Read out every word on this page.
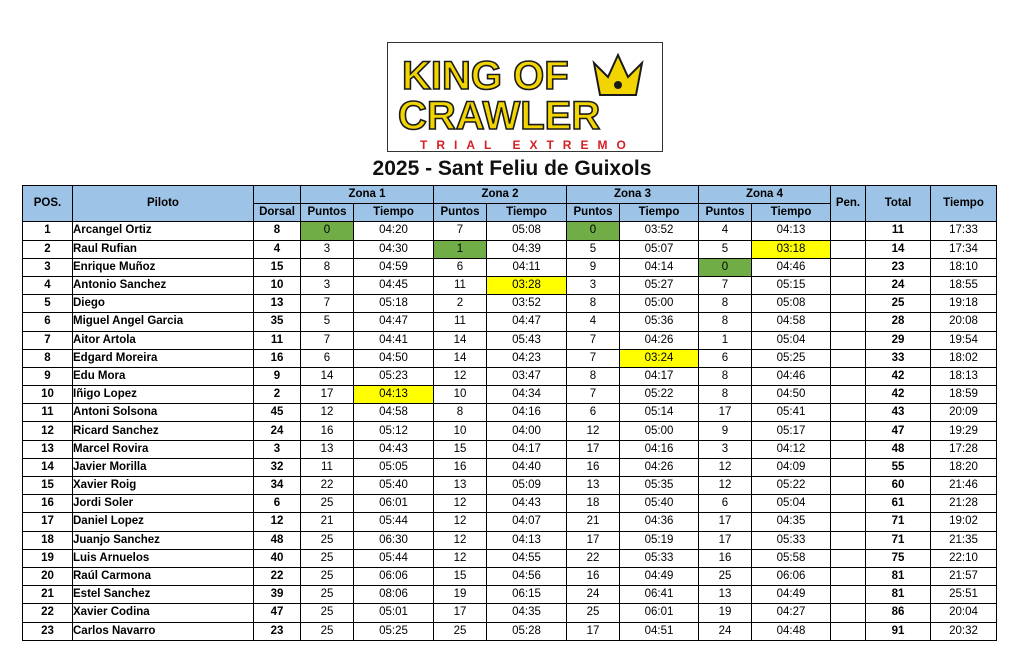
KING OF
CRAWLER
TRIAL EXTREMO
2025 - Sant Feliu de Guixols
POS.	Piloto		Zona 1		Zona 2		Zona 3		Zona 4		Pen.	Total	Tiempo
		Dorsal	Puntos	Tiempo	Puntos	Tiempo	Puntos	Tiempo	Puntos	Tiempo			
1	Arcangel Ortiz	8	0	04:20	7	05:08	0	03:52	4	04:13		11	17:33
2	Raul Rufian	4	3	04:30	1	04:39	5	05:07	5	03:18		14	17:34
3	Enrique Muñoz	15	8	04:59	6	04:11	9	04:14	0	04:46		23	18:10
4	Antonio Sanchez	10	3	04:45	11	03:28	3	05:27	7	05:15		24	18:55
5	Diego	13	7	05:18	2	03:52	8	05:00	8	05:08		25	19:18
6	Miguel Angel Garcia	35	5	04:47	11	04:47	4	05:36	8	04:58		28	20:08
7	Aitor Artola	11	7	04:41	14	05:43	7	04:26	1	05:04		29	19:54
8	Edgard Moreira	16	6	04:50	14	04:23	7	03:24	6	05:25		33	18:02
9	Edu Mora	9	14	05:23	12	03:47	8	04:17	8	04:46		42	18:13
10	Iñigo Lopez	2	17	04:13	10	04:34	7	05:22	8	04:50		42	18:59
11	Antoni Solsona	45	12	04:58	8	04:16	6	05:14	17	05:41		43	20:09
12	Ricard Sanchez	24	16	05:12	10	04:00	12	05:00	9	05:17		47	19:29
13	Marcel Rovira	3	13	04:43	15	04:17	17	04:16	3	04:12		48	17:28
14	Javier Morilla	32	11	05:05	16	04:40	16	04:26	12	04:09		55	18:20
15	Xavier Roig	34	22	05:40	13	05:09	13	05:35	12	05:22		60	21:46
16	Jordi Soler	6	25	06:01	12	04:43	18	05:40	6	05:04		61	21:28
17	Daniel Lopez	12	21	05:44	12	04:07	21	04:36	17	04:35		71	19:02
18	Juanjo Sanchez	48	25	06:30	12	04:13	17	05:19	17	05:33		71	21:35
19	Luis Arnuelos	40	25	05:44	12	04:55	22	05:33	16	05:58		75	22:10
20	Raúl Carmona	22	25	06:06	15	04:56	16	04:49	25	06:06		81	21:57
21	Estel Sanchez	39	25	08:06	19	06:15	24	06:41	13	04:49		81	25:51
22	Xavier Codina	47	25	05:01	17	04:35	25	06:01	19	04:27		86	20:04
23	Carlos Navarro	23	25	05:25	25	05:28	17	04:51	24	04:48		91	20:32
